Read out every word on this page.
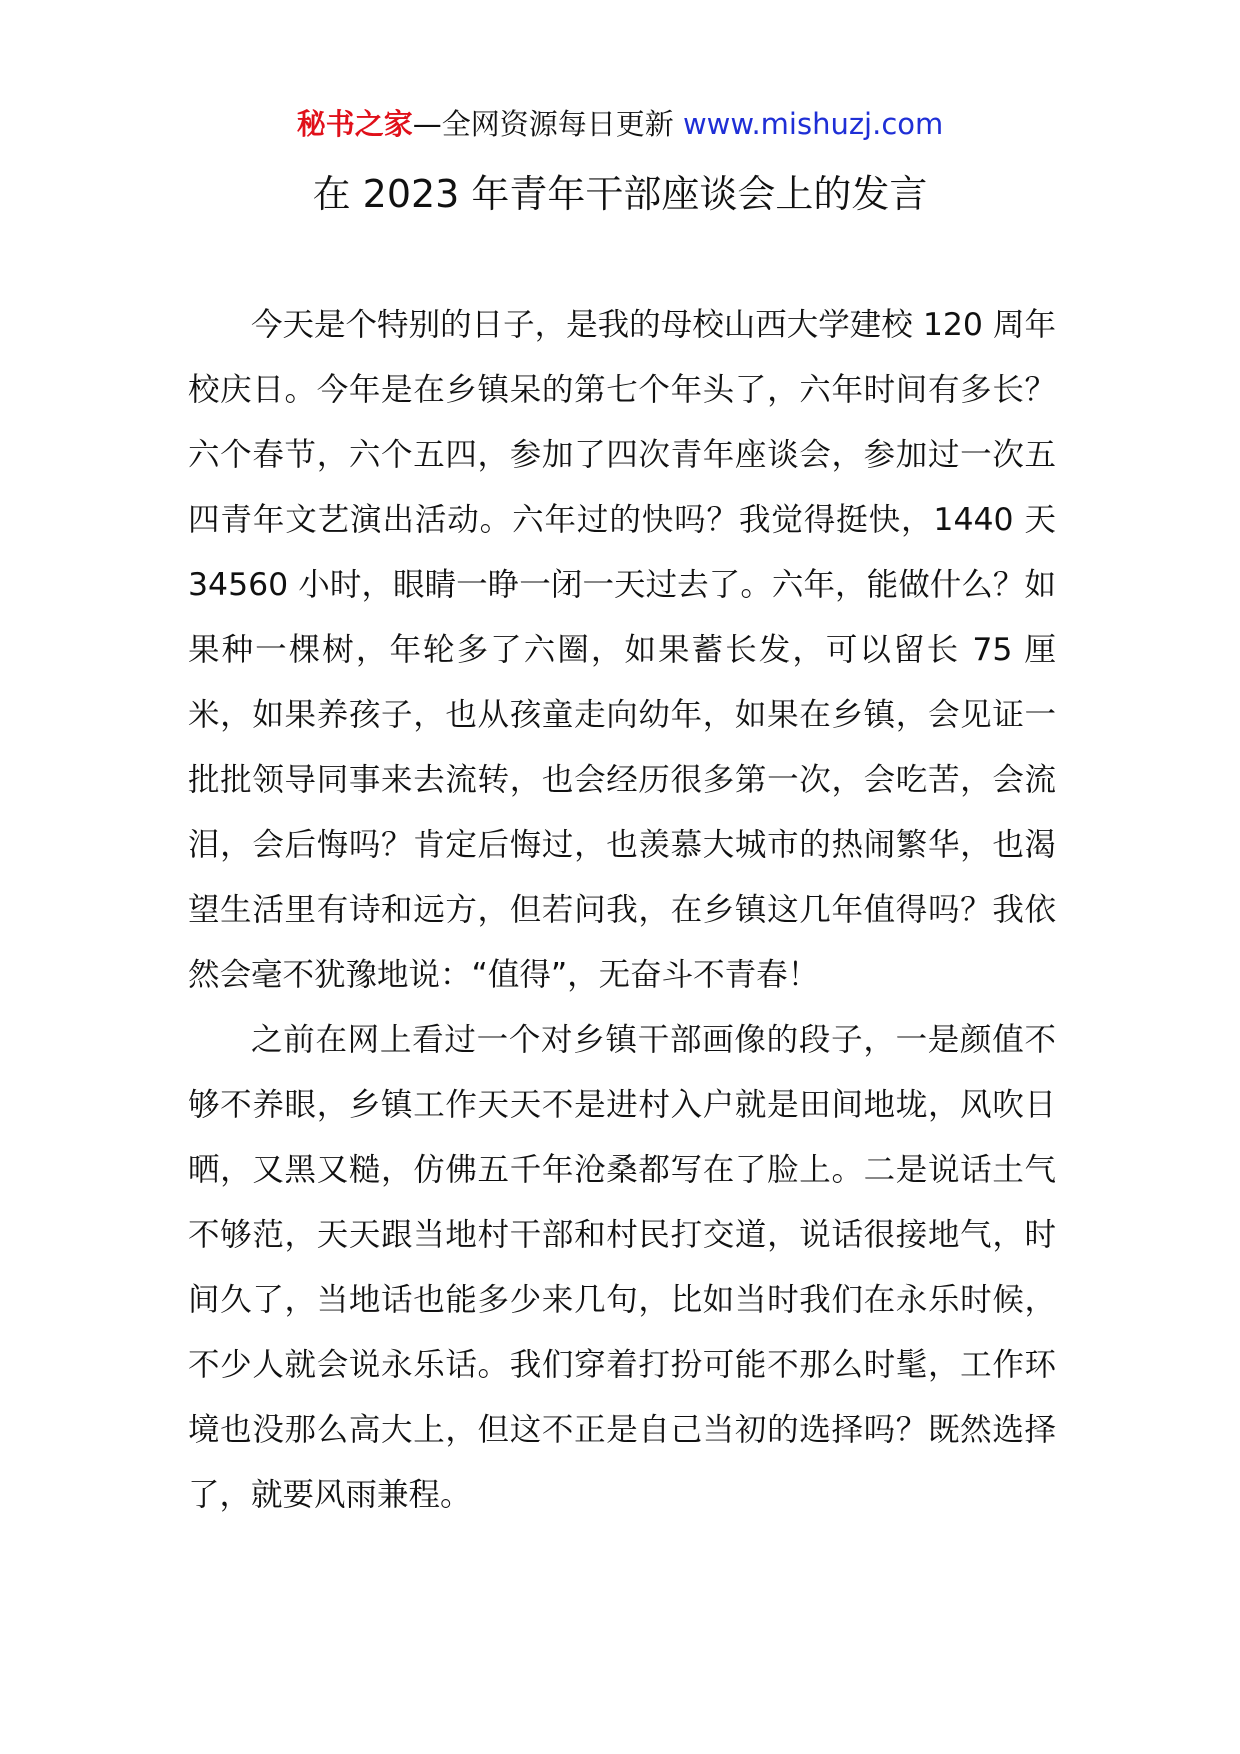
秘书之家—全网资源每日更新 www.mishuzj.com
在 2023 年青年干部座谈会上的发言

今天是个特别的日子，是我的母校山西大学建校 120 周年校庆日。今年是在乡镇呆的第七个年头了，六年时间有多长？六个春节，六个五四，参加了四次青年座谈会，参加过一次五四青年文艺演出活动。六年过的快吗？我觉得挺快，1440 天 34560 小时，眼睛一睁一闭一天过去了。六年，能做什么？如果种一棵树，年轮多了六圈，如果蓄长发，可以留长 75 厘米，如果养孩子，也从孩童走向幼年，如果在乡镇，会见证一批批领导同事来去流转，也会经历很多第一次，会吃苦，会流泪，会后悔吗？肯定后悔过，也羡慕大城市的热闹繁华，也渴望生活里有诗和远方，但若问我，在乡镇这几年值得吗？我依然会毫不犹豫地说：“值得”，无奋斗不青春！

之前在网上看过一个对乡镇干部画像的段子，一是颜值不够不养眼，乡镇工作天天不是进村入户就是田间地垅，风吹日晒，又黑又糙，仿佛五千年沧桑都写在了脸上。二是说话土气不够范，天天跟当地村干部和村民打交道，说话很接地气，时间久了，当地话也能多少来几句，比如当时我们在永乐时候，不少人就会说永乐话。我们穿着打扮可能不那么时髦，工作环境也没那么高大上，但这不正是自己当初的选择吗？既然选择了，就要风雨兼程。
